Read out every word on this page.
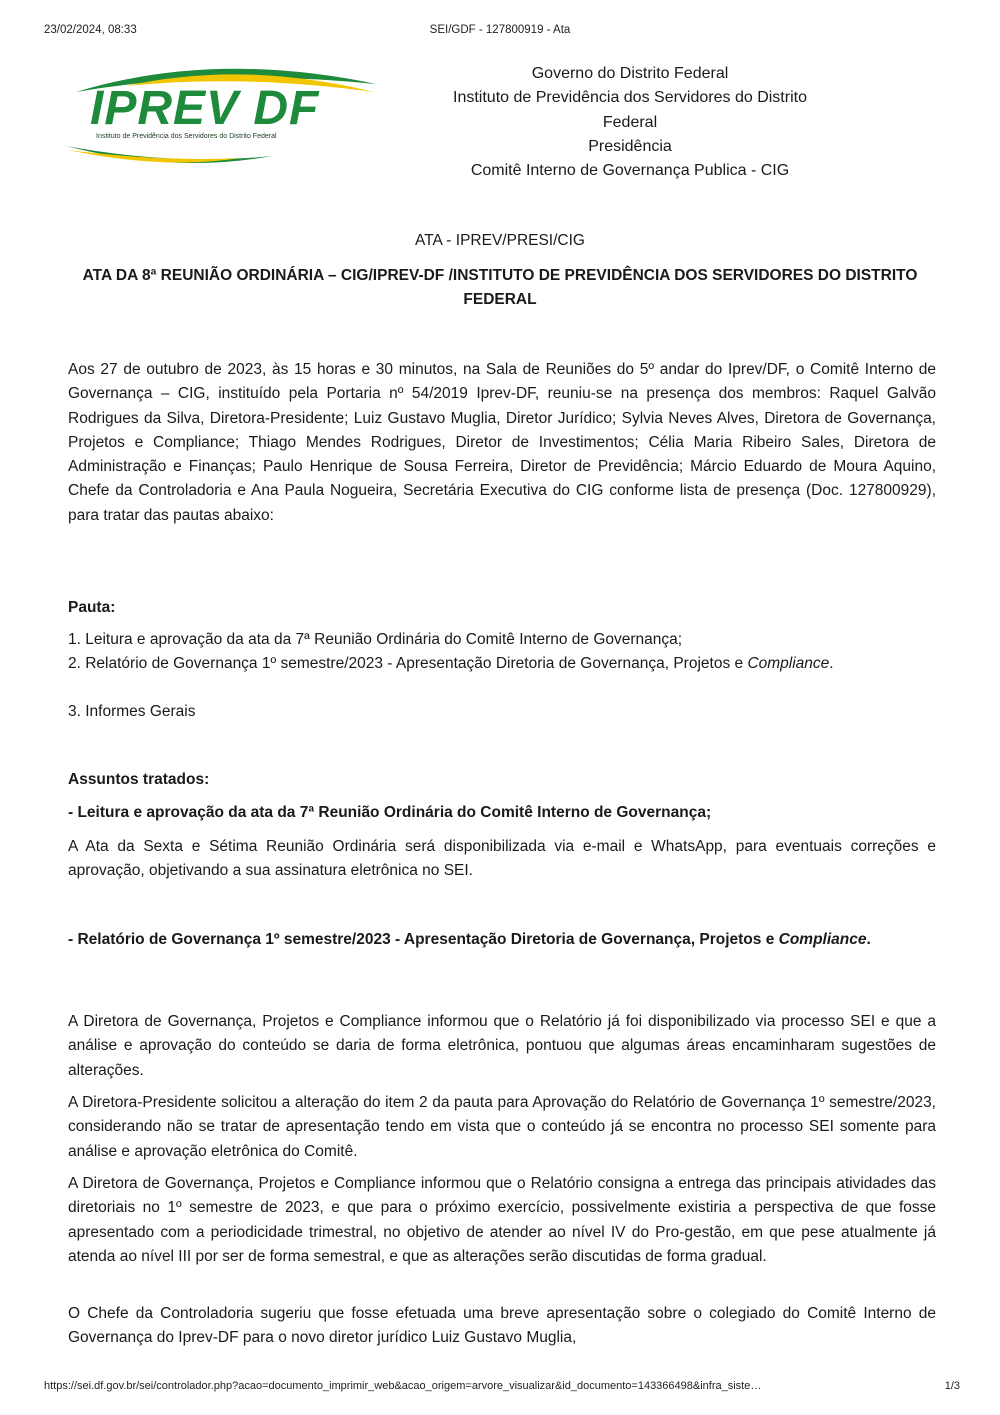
23/02/2024, 08:33	SEI/GDF - 127800919 - Ata
IPREV DF
Instituto de Previdência dos Servidores do Distrito Federal
Governo do Distrito Federal
Instituto de Previdência dos Servidores do Distrito
Federal
Presidência
Comitê Interno de Governança Publica - CIG
ATA - IPREV/PRESI/CIG
ATA DA 8ª REUNIÃO ORDINÁRIA – CIG/IPREV-DF /INSTITUTO DE PREVIDÊNCIA DOS SERVIDORES DO DISTRITO FEDERAL

Aos 27 de outubro de 2023, às 15 horas e 30 minutos, na Sala de Reuniões do 5º andar do Iprev/DF, o Comitê Interno de Governança – CIG, instituído pela Portaria nº 54/2019 Iprev-DF, reuniu-se na presença dos membros: Raquel Galvão Rodrigues da Silva, Diretora-Presidente; Luiz Gustavo Muglia, Diretor Jurídico; Sylvia Neves Alves, Diretora de Governança, Projetos e Compliance; Thiago Mendes Rodrigues, Diretor de Investimentos; Célia Maria Ribeiro Sales, Diretora de Administração e Finanças; Paulo Henrique de Sousa Ferreira, Diretor de Previdência; Márcio Eduardo de Moura Aquino, Chefe da Controladoria e Ana Paula Nogueira, Secretária Executiva do CIG conforme lista de presença (Doc. 127800929), para tratar das pautas abaixo:

Pauta:

1. Leitura e aprovação da ata da 7ª Reunião Ordinária do Comitê Interno de Governança;

2. Relatório de Governança 1º semestre/2023 - Apresentação Diretoria de Governança, Projetos e Compliance.

3. Informes Gerais

Assuntos tratados:

- Leitura e aprovação da ata da 7ª Reunião Ordinária do Comitê Interno de Governança;

A Ata da Sexta e Sétima Reunião Ordinária será disponibilizada via e-mail e WhatsApp, para eventuais correções e aprovação, objetivando a sua assinatura eletrônica no SEI.

- Relatório de Governança 1º semestre/2023 - Apresentação Diretoria de Governança, Projetos e Compliance.

A Diretora de Governança, Projetos e Compliance informou que o Relatório já foi disponibilizado via processo SEI e que a análise e aprovação do conteúdo se daria de forma eletrônica, pontuou que algumas áreas encaminharam sugestões de alterações.

A Diretora-Presidente solicitou a alteração do item 2 da pauta para Aprovação do Relatório de Governança 1º semestre/2023, considerando não se tratar de apresentação tendo em vista que o conteúdo já se encontra no processo SEI somente para análise e aprovação eletrônica do Comitê.

A Diretora de Governança, Projetos e Compliance informou que o Relatório consigna a entrega das principais atividades das diretoriais no 1º semestre de 2023, e que para o próximo exercício, possivelmente existiria a perspectiva de que fosse apresentado com a periodicidade trimestral, no objetivo de atender ao nível IV do Pro-gestão, em que pese atualmente já atenda ao nível III por ser de forma semestral, e que as alterações serão discutidas de forma gradual.

O Chefe da Controladoria sugeriu que fosse efetuada uma breve apresentação sobre o colegiado do Comitê Interno de Governança do Iprev-DF para o novo diretor jurídico Luiz Gustavo Muglia,

https://sei.df.gov.br/sei/controlador.php?acao=documento_imprimir_web&acao_origem=arvore_visualizar&id_documento=143366498&infra_siste…	1/3
